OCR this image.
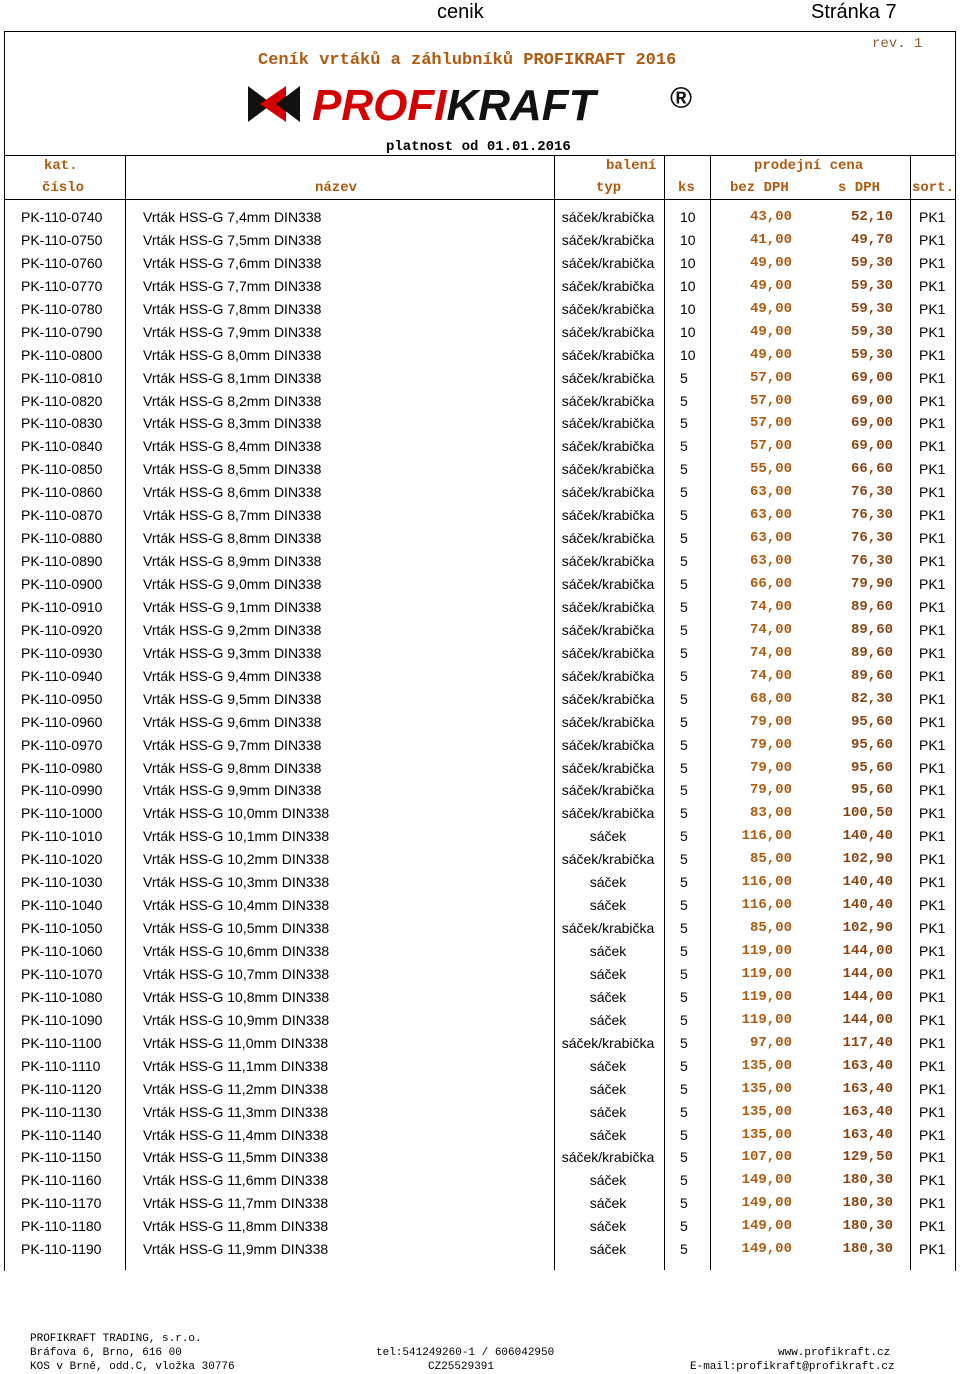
cenik	Stránka 7
rev. 1
Ceník vrtáků a záhlubníků PROFIKRAFT 2016
PROFIKRAFT ®
platnost od 01.01.2016
kat.	balení	prodejní cena
číslo	název	typ	ks	bez DPH	s DPH sort.
PK-110-0740	Vrták HSS-G 7,4mm DIN338	sáček/krabička 10	43,00	52,10 PK1
PK-110-0750	Vrták HSS-G 7,5mm DIN338	sáček/krabička 10	41,00	49,70 PK1
PK-110-0760	Vrták HSS-G 7,6mm DIN338	sáček/krabička 10	49,00	59,30 PK1
PK-110-0770	Vrták HSS-G 7,7mm DIN338	sáček/krabička 10	49,00	59,30 PK1
PK-110-0780	Vrták HSS-G 7,8mm DIN338	sáček/krabička 10	49,00	59,30 PK1
PK-110-0790	Vrták HSS-G 7,9mm DIN338	sáček/krabička 10	49,00	59,30 PK1
PK-110-0800	Vrták HSS-G 8,0mm DIN338	sáček/krabička 10	49,00	59,30 PK1
PK-110-0810	Vrták HSS-G 8,1mm DIN338	sáček/krabička 5	57,00	69,00 PK1
PK-110-0820	Vrták HSS-G 8,2mm DIN338	sáček/krabička 5	57,00	69,00 PK1
PK-110-0830	Vrták HSS-G 8,3mm DIN338	sáček/krabička 5	57,00	69,00 PK1
PK-110-0840	Vrták HSS-G 8,4mm DIN338	sáček/krabička 5	57,00	69,00 PK1
PK-110-0850	Vrták HSS-G 8,5mm DIN338	sáček/krabička 5	55,00	66,60 PK1
PK-110-0860	Vrták HSS-G 8,6mm DIN338	sáček/krabička 5	63,00	76,30 PK1
PK-110-0870	Vrták HSS-G 8,7mm DIN338	sáček/krabička 5	63,00	76,30 PK1
PK-110-0880	Vrták HSS-G 8,8mm DIN338	sáček/krabička 5	63,00	76,30 PK1
PK-110-0890	Vrták HSS-G 8,9mm DIN338	sáček/krabička 5	63,00	76,30 PK1
PK-110-0900	Vrták HSS-G 9,0mm DIN338	sáček/krabička 5	66,00	79,90 PK1
PK-110-0910	Vrták HSS-G 9,1mm DIN338	sáček/krabička 5	74,00	89,60 PK1
PK-110-0920	Vrták HSS-G 9,2mm DIN338	sáček/krabička 5	74,00	89,60 PK1
PK-110-0930	Vrták HSS-G 9,3mm DIN338	sáček/krabička 5	74,00	89,60 PK1
PK-110-0940	Vrták HSS-G 9,4mm DIN338	sáček/krabička 5	74,00	89,60 PK1
PK-110-0950	Vrták HSS-G 9,5mm DIN338	sáček/krabička 5	68,00	82,30 PK1
PK-110-0960	Vrták HSS-G 9,6mm DIN338	sáček/krabička 5	79,00	95,60 PK1
PK-110-0970	Vrták HSS-G 9,7mm DIN338	sáček/krabička 5	79,00	95,60 PK1
PK-110-0980	Vrták HSS-G 9,8mm DIN338	sáček/krabička 5	79,00	95,60 PK1
PK-110-0990	Vrták HSS-G 9,9mm DIN338	sáček/krabička 5	79,00	95,60 PK1
PK-110-1000	Vrták HSS-G 10,0mm DIN338	sáček/krabička 5	83,00	100,50 PK1
PK-110-1010	Vrták HSS-G 10,1mm DIN338	sáček	5	116,00	140,40 PK1
PK-110-1020	Vrták HSS-G 10,2mm DIN338	sáček/krabička 5	85,00	102,90 PK1
PK-110-1030	Vrták HSS-G 10,3mm DIN338	sáček	5	116,00	140,40 PK1
PK-110-1040	Vrták HSS-G 10,4mm DIN338	sáček	5	116,00	140,40 PK1
PK-110-1050	Vrták HSS-G 10,5mm DIN338	sáček/krabička 5	85,00	102,90 PK1
PK-110-1060	Vrták HSS-G 10,6mm DIN338	sáček	5	119,00	144,00 PK1
PK-110-1070	Vrták HSS-G 10,7mm DIN338	sáček	5	119,00	144,00 PK1
PK-110-1080	Vrták HSS-G 10,8mm DIN338	sáček	5	119,00	144,00 PK1
PK-110-1090	Vrták HSS-G 10,9mm DIN338	sáček	5	119,00	144,00 PK1
PK-110-1100	Vrták HSS-G 11,0mm DIN338	sáček/krabička 5	97,00	117,40 PK1
PK-110-1110	Vrták HSS-G 11,1mm DIN338	sáček	5	135,00	163,40 PK1
PK-110-1120	Vrták HSS-G 11,2mm DIN338	sáček	5	135,00	163,40 PK1
PK-110-1130	Vrták HSS-G 11,3mm DIN338	sáček	5	135,00	163,40 PK1
PK-110-1140	Vrták HSS-G 11,4mm DIN338	sáček	5	135,00	163,40 PK1
PK-110-1150	Vrták HSS-G 11,5mm DIN338	sáček/krabička 5	107,00	129,50 PK1
PK-110-1160	Vrták HSS-G 11,6mm DIN338	sáček	5	149,00	180,30 PK1
PK-110-1170	Vrták HSS-G 11,7mm DIN338	sáček	5	149,00	180,30 PK1
PK-110-1180	Vrták HSS-G 11,8mm DIN338	sáček	5	149,00	180,30 PK1
PK-110-1190	Vrták HSS-G 11,9mm DIN338	sáček	5	149,00	180,30 PK1
PROFIKRAFT TRADING, s.r.o.
Bráfova 6, Brno, 616 00
KOS v Brně, odd.C, vložka 30776
tel:541249260-1 / 606042950
CZ25529391
www.profikraft.cz
E-mail:profikraft@profikraft.cz
